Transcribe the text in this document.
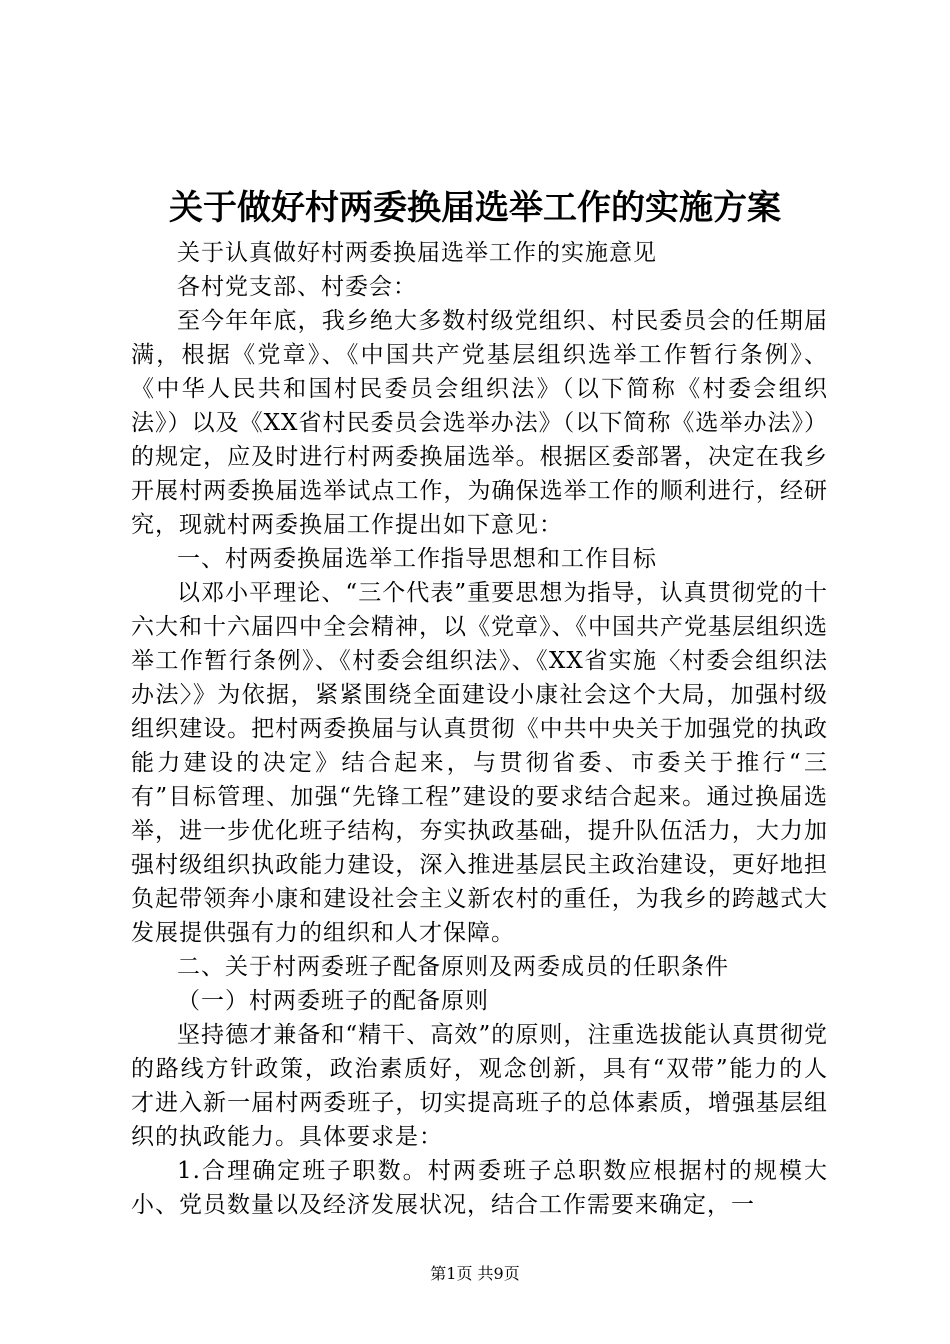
关于做好村两委换届选举工作的实施方案

关于认真做好村两委换届选举工作的实施意见

各村党支部、村委会：

至今年年底，我乡绝大多数村级党组织、村民委员会的任期届满，根据《党章》、《中国共产党基层组织选举工作暂行条例》、《中华人民共和国村民委员会组织法》（以下简称《村委会组织法》）以及《XX省村民委员会选举办法》（以下简称《选举办法》）的规定，应及时进行村两委换届选举。根据区委部署，决定在我乡开展村两委换届选举试点工作，为确保选举工作的顺利进行，经研究，现就村两委换届工作提出如下意见：

一、村两委换届选举工作指导思想和工作目标

以邓小平理论、“三个代表”重要思想为指导，认真贯彻党的十六大和十六届四中全会精神，以《党章》、《中国共产党基层组织选举工作暂行条例》、《村委会组织法》、《XX省实施〈村委会组织法办法〉》为依据，紧紧围绕全面建设小康社会这个大局，加强村级组织建设。把村两委换届与认真贯彻《中共中央关于加强党的执政能力建设的决定》结合起来，与贯彻省委、市委关于推行“三有”目标管理、加强“先锋工程”建设的要求结合起来。通过换届选举，进一步优化班子结构，夯实执政基础，提升队伍活力，大力加强村级组织执政能力建设，深入推进基层民主政治建设，更好地担负起带领奔小康和建设社会主义新农村的重任，为我乡的跨越式大发展提供强有力的组织和人才保障。

二、关于村两委班子配备原则及两委成员的任职条件

（一）村两委班子的配备原则

坚持德才兼备和“精干、高效”的原则，注重选拔能认真贯彻党的路线方针政策，政治素质好，观念创新，具有“双带”能力的人才进入新一届村两委班子，切实提高班子的总体素质，增强基层组织的执政能力。具体要求是：

1.合理确定班子职数。村两委班子总职数应根据村的规模大小、党员数量以及经济发展状况，结合工作需要来确定，一

第1页 共9页
